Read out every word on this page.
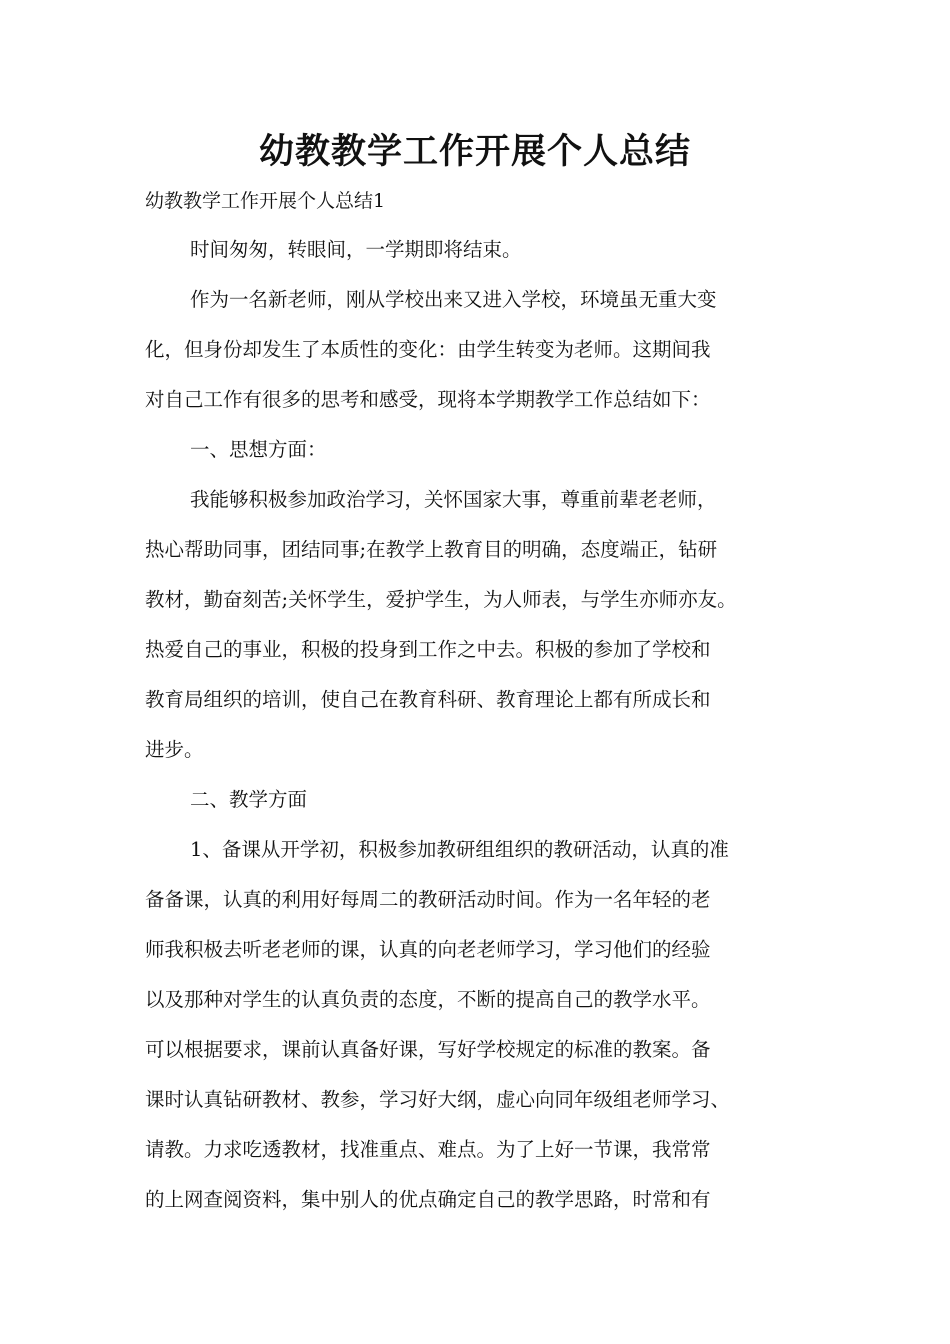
幼教教学工作开展个人总结
幼教教学工作开展个人总结1
时间匆匆，转眼间，一学期即将结束。
作为一名新老师，刚从学校出来又进入学校，环境虽无重大变
化，但身份却发生了本质性的变化：由学生转变为老师。这期间我
对自己工作有很多的思考和感受，现将本学期教学工作总结如下：
一、思想方面：
我能够积极参加政治学习，关怀国家大事，尊重前辈老老师，
热心帮助同事，团结同事;在教学上教育目的明确，态度端正，钻研
教材，勤奋刻苦;关怀学生，爱护学生，为人师表，与学生亦师亦友。
热爱自己的事业，积极的投身到工作之中去。积极的参加了学校和
教育局组织的培训，使自己在教育科研、教育理论上都有所成长和
进步。
二、教学方面
1、备课从开学初，积极参加教研组组织的教研活动，认真的准
备备课，认真的利用好每周二的教研活动时间。作为一名年轻的老
师我积极去听老老师的课，认真的向老老师学习，学习他们的经验
以及那种对学生的认真负责的态度，不断的提高自己的教学水平。
可以根据要求，课前认真备好课，写好学校规定的标准的教案。备
课时认真钻研教材、教参，学习好大纲，虚心向同年级组老师学习、
请教。力求吃透教材，找准重点、难点。为了上好一节课，我常常
的上网查阅资料，集中别人的优点确定自己的教学思路，时常和有
